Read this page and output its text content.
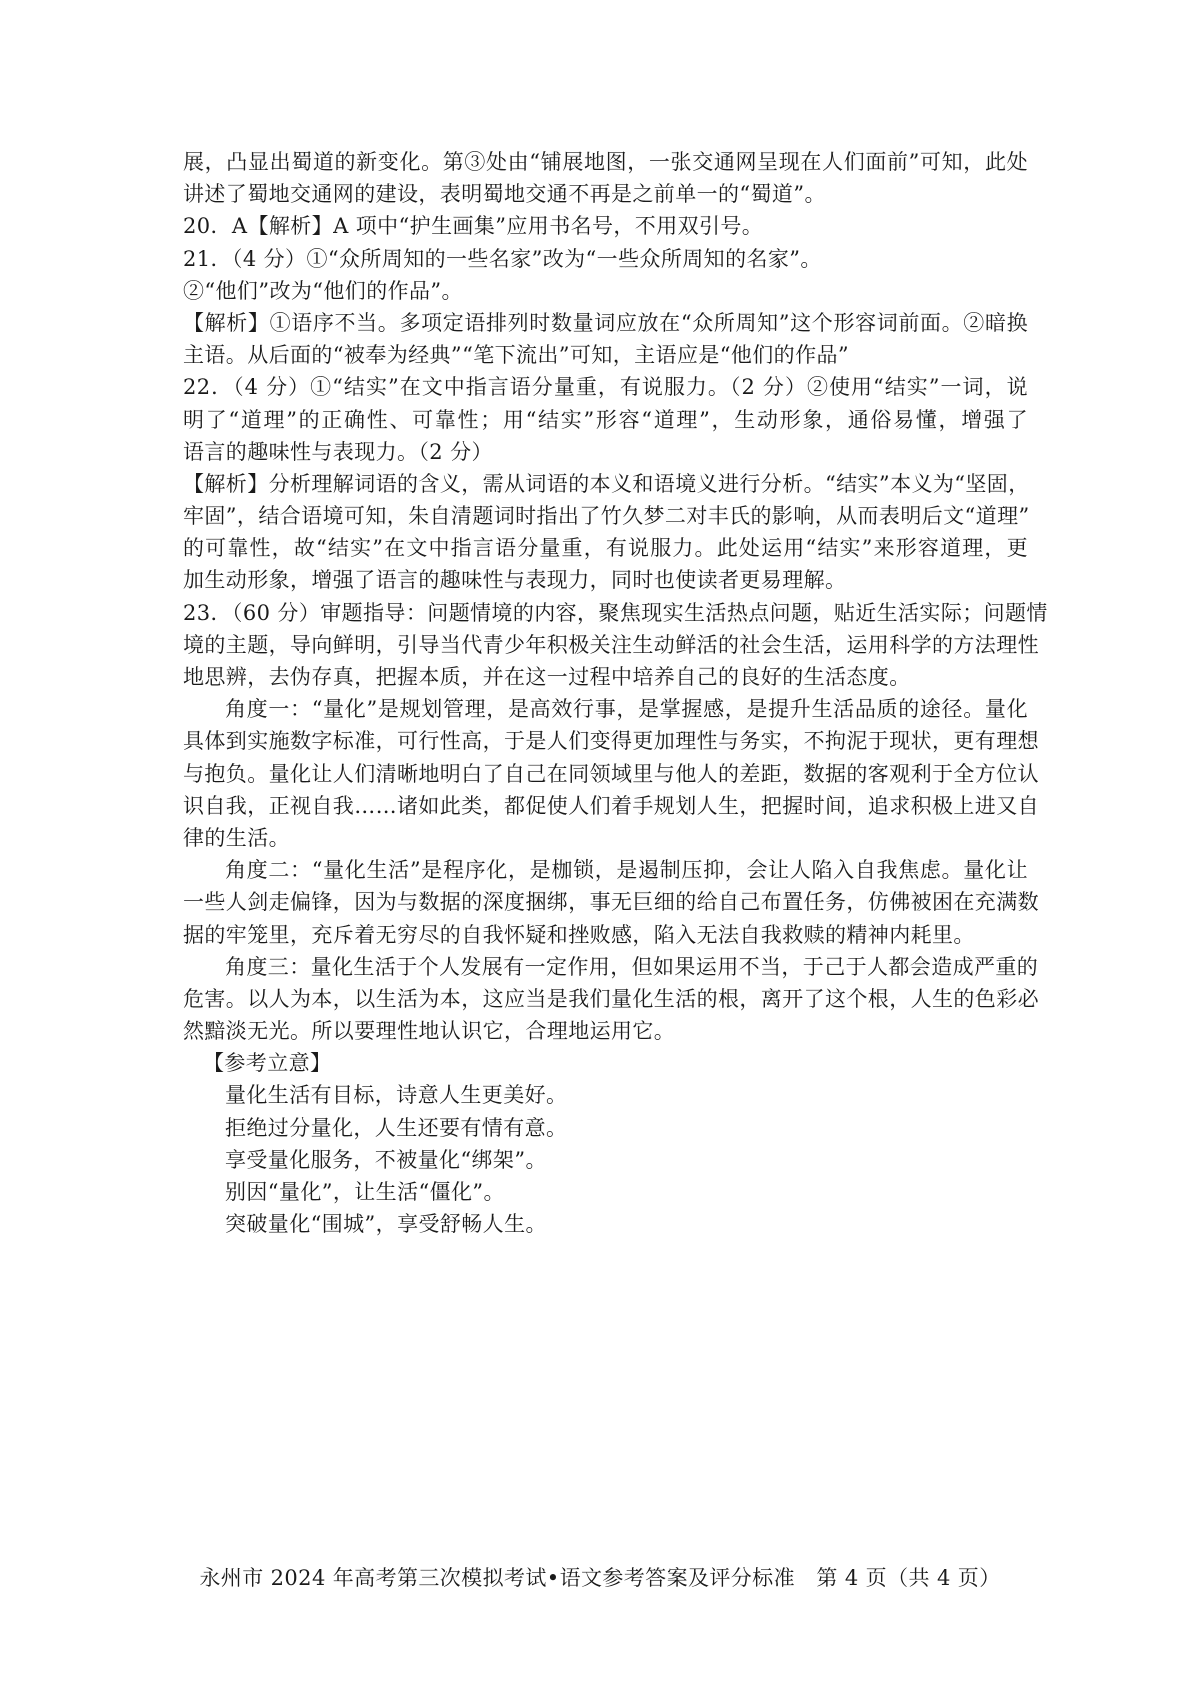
展，凸显出蜀道的新变化。第③处由“铺展地图，一张交通网呈现在人们面前”可知，此处
讲述了蜀地交通网的建设，表明蜀地交通不再是之前单一的“蜀道”。
20．A【解析】A 项中“护生画集”应用书名号，不用双引号。
21．（4 分）①“众所周知的一些名家”改为“一些众所周知的名家”。
②“他们”改为“他们的作品”。
【解析】①语序不当。多项定语排列时数量词应放在“众所周知”这个形容词前面。②暗换
主语。从后面的“被奉为经典”“笔下流出”可知，主语应是“他们的作品”
22．（4 分）①“结实”在文中指言语分量重，有说服力。（2 分）②使用“结实”一词，说
明了“道理”的正确性、可靠性；用“结实”形容“道理”，生动形象，通俗易懂，增强了
语言的趣味性与表现力。（2 分）
【解析】分析理解词语的含义，需从词语的本义和语境义进行分析。“结实”本义为“坚固，
牢固”，结合语境可知，朱自清题词时指出了竹久梦二对丰氏的影响，从而表明后文“道理”
的可靠性，故“结实”在文中指言语分量重，有说服力。此处运用“结实”来形容道理，更
加生动形象，增强了语言的趣味性与表现力，同时也使读者更易理解。
23．（60 分）审题指导：问题情境的内容，聚焦现实生活热点问题，贴近生活实际；问题情
境的主题，导向鲜明，引导当代青少年积极关注生动鲜活的社会生活，运用科学的方法理性
地思辨，去伪存真，把握本质，并在这一过程中培养自己的良好的生活态度。
角度一：“量化”是规划管理，是高效行事，是掌握感，是提升生活品质的途径。量化
具体到实施数字标准，可行性高，于是人们变得更加理性与务实，不拘泥于现状，更有理想
与抱负。量化让人们清晰地明白了自己在同领域里与他人的差距，数据的客观利于全方位认
识自我，正视自我……诸如此类，都促使人们着手规划人生，把握时间，追求积极上进又自
律的生活。
角度二：“量化生活”是程序化，是枷锁，是遏制压抑，会让人陷入自我焦虑。量化让
一些人剑走偏锋，因为与数据的深度捆绑，事无巨细的给自己布置任务，仿佛被困在充满数
据的牢笼里，充斥着无穷尽的自我怀疑和挫败感，陷入无法自我救赎的精神内耗里。
角度三：量化生活于个人发展有一定作用，但如果运用不当，于己于人都会造成严重的
危害。以人为本，以生活为本，这应当是我们量化生活的根，离开了这个根，人生的色彩必
然黯淡无光。所以要理性地认识它，合理地运用它。
【参考立意】
量化生活有目标，诗意人生更美好。
拒绝过分量化，人生还要有情有意。
享受量化服务，不被量化“绑架”。
别因“量化”，让生活“僵化”。
突破量化“围城”，享受舒畅人生。
永州市 2024 年高考第三次模拟考试•语文参考答案及评分标准　第 4 页（共 4 页）
